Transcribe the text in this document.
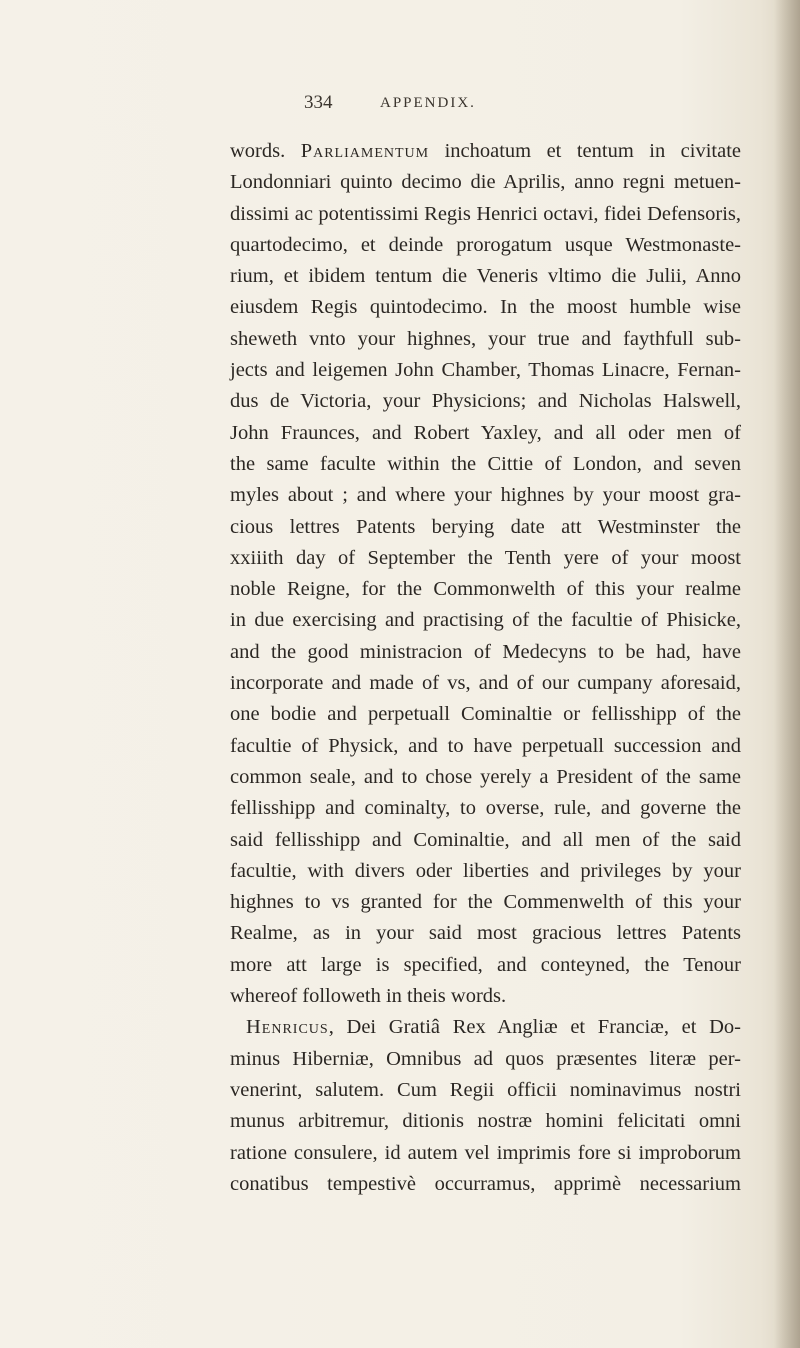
334	APPENDIX.
words. Parliamentum inchoatum et tentum in civitate
Londonniari quinto decimo die Aprilis, anno regni metuen-
dissimi ac potentissimi Regis Henrici octavi, fidei Defensoris,
quartodecimo, et deinde prorogatum usque Westmonaste-
rium, et ibidem tentum die Veneris vltimo die Julii, Anno
eiusdem Regis quintodecimo. In the moost humble wise
sheweth vnto your highnes, your true and faythfull sub-
jects and leigemen John Chamber, Thomas Linacre, Fernan-
dus de Victoria, your Physicions; and Nicholas Halswell,
John Fraunces, and Robert Yaxley, and all oder men of
the same faculte within the Cittie of London, and seven
myles about ; and where your highnes by your moost gra-
cious lettres Patents berying date att Westminster the
xxiiith day of September the Tenth yere of your moost
noble Reigne, for the Commonwelth of this your realme
in due exercising and practising of the facultie of Phisicke,
and the good ministracion of Medecyns to be had, have
incorporate and made of vs, and of our cumpany aforesaid,
one bodie and perpetuall Cominaltie or fellisshipp of the
facultie of Physick, and to have perpetuall succession and
common seale, and to chose yerely a President of the same
fellisshipp and cominalty, to overse, rule, and governe the
said fellisshipp and Cominaltie, and all men of the said
facultie, with divers oder liberties and privileges by your
highnes to vs granted for the Commenwelth of this your
Realme, as in your said most gracious lettres Patents
more att large is specified, and conteyned, the Tenour
whereof followeth in theis words.
Henricus, Dei Gratiâ Rex Angliæ et Franciæ, et Do-
minus Hiberniæ, Omnibus ad quos præsentes literæ per-
venerint, salutem. Cum Regii officii nominavimus nostri
munus arbitremur, ditionis nostræ homini felicitati omni
ratione consulere, id autem vel imprimis fore si improborum
conatibus tempestivè occurramus, apprimè necessarium
